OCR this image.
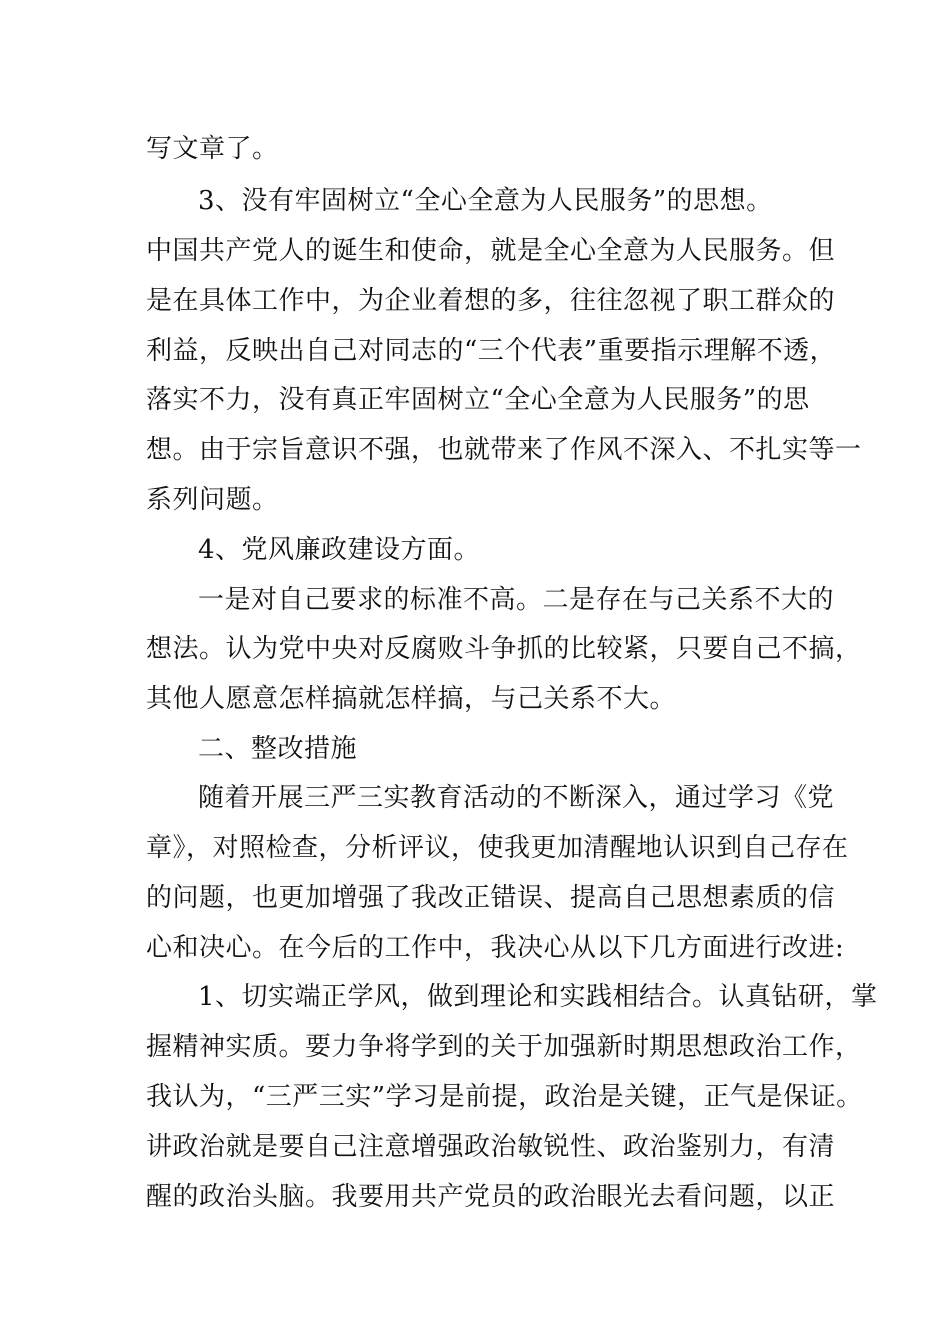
写文章了。
3、没有牢固树立“全心全意为人民服务”的思想。
中国共产党人的诞生和使命，就是全心全意为人民服务。但
是在具体工作中，为企业着想的多，往往忽视了职工群众的
利益，反映出自己对同志的“三个代表”重要指示理解不透，
落实不力，没有真正牢固树立“全心全意为人民服务”的思
想。由于宗旨意识不强，也就带来了作风不深入、不扎实等一
系列问题。
4、党风廉政建设方面。
一是对自己要求的标准不高。二是存在与己关系不大的
想法。认为党中央对反腐败斗争抓的比较紧，只要自己不搞，
其他人愿意怎样搞就怎样搞，与己关系不大。
二、整改措施
随着开展三严三实教育活动的不断深入，通过学习《党
章》，对照检查，分析评议，使我更加清醒地认识到自己存在
的问题，也更加增强了我改正错误、提高自己思想素质的信
心和决心。在今后的工作中，我决心从以下几方面进行改进:
1、切实端正学风，做到理论和实践相结合。认真钻研，掌
握精神实质。要力争将学到的关于加强新时期思想政治工作，
我认为，“三严三实”学习是前提，政治是关键，正气是保证。
讲政治就是要自己注意增强政治敏锐性、政治鉴别力，有清
醒的政治头脑。我要用共产党员的政治眼光去看问题，以正
